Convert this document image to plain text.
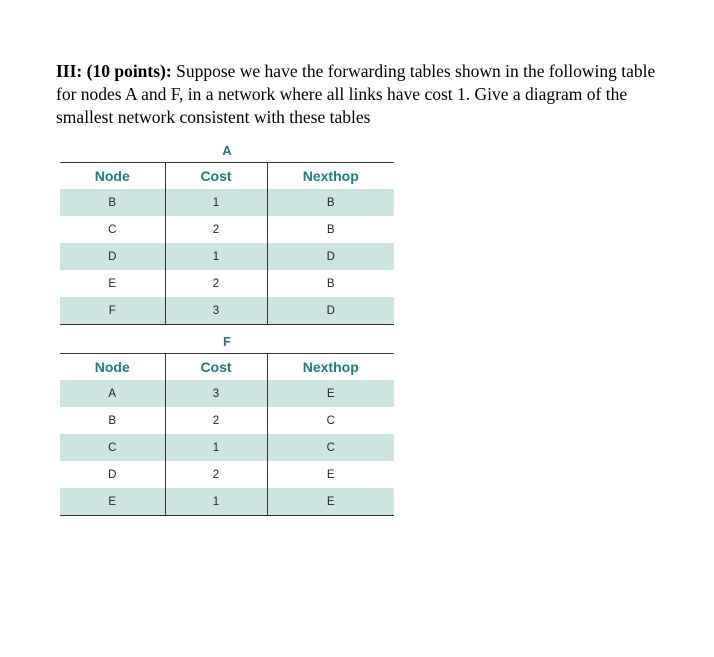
III: (10 points): Suppose we have the forwarding tables shown in the following table for nodes A and F, in a network where all links have cost 1. Give a diagram of the smallest network consistent with these tables
A
Node	Cost	Nexthop
B	1	B
C	2	B
D	1	D
E	2	B
F	3	D
F
Node	Cost	Nexthop
A	3	E
B	2	C
C	1	C
D	2	E
E	1	E
